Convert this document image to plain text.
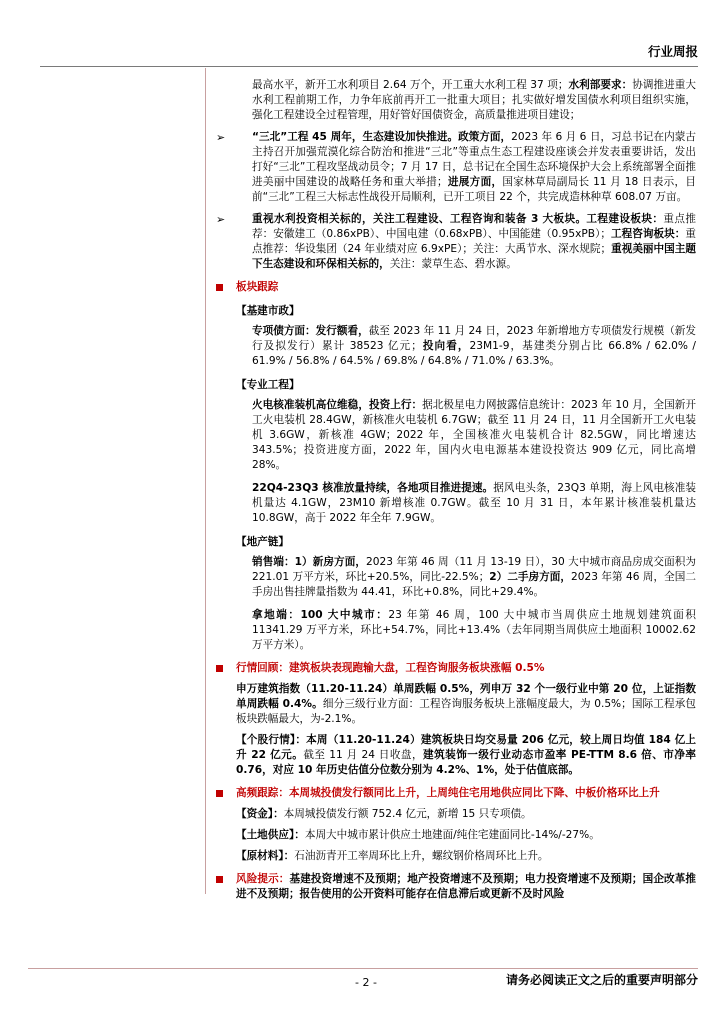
行业周报
最高水平，新开工水利项目 2.64 万个，开工重大水利工程 37 项；水利部要求：协调推进重大水利工程前期工作，力争年底前再开工一批重大项目；扎实做好增发国债水利项目组织实施，强化工程建设全过程管理，用好管好国债资金，高质量推进项目建设；
➢	“三北”工程 45 周年，生态建设加快推进。政策方面，2023 年 6 月 6 日，习总书记在内蒙古主持召开加强荒漠化综合防治和推进“三北”等重点生态工程建设座谈会并发表重要讲话，发出打好“三北”工程攻坚战动员令；7 月 17 日，总书记在全国生态环境保护大会上系统部署全面推进美丽中国建设的战略任务和重大举措；进展方面，国家林草局副局长 11 月 18 日表示，目前“三北”工程三大标志性战役开局顺利，已开工项目 22 个，共完成造林种草 608.07 万亩。
➢	重视水利投资相关标的，关注工程建设、工程咨询和装备 3 大板块。工程建设板块：重点推荐：安徽建工（0.86xPB）、中国电建（0.68xPB）、中国能建（0.95xPB）；工程咨询板块：重点推荐：华设集团（24 年业绩对应 6.9xPE）；关注：大禹节水、深水规院；重视美丽中国主题下生态建设和环保相关标的，关注：蒙草生态、碧水源。
板块跟踪
【基建市政】
专项债方面：发行额看，截至 2023 年 11 月 24 日，2023 年新增地方专项债发行规模（新发行及拟发行）累计 38523 亿元；投向看，23M1-9，基建类分别占比 66.8% / 62.0% / 61.9% / 56.8% / 64.5% / 69.8% / 64.8% / 71.0% / 63.3%。
【专业工程】
火电核准装机高位维稳，投资上行：据北极星电力网披露信息统计：2023 年 10 月，全国新开工火电装机 28.4GW，新核准火电装机 6.7GW；截至 11 月 24 日，11 月全国新开工火电装机 3.6GW，新核准 4GW；2022 年，全国核准火电装机合计 82.5GW，同比增速达 343.5%；投资进度方面，2022 年，国内火电电源基本建设投资达 909 亿元，同比高增 28%。
22Q4-23Q3 核准放量持续，各地项目推进提速。据风电头条，23Q3 单期，海上风电核准装机量达 4.1GW，23M10 新增核准 0.7GW。截至 10 月 31 日，本年累计核准装机量达 10.8GW，高于 2022 年全年 7.9GW。
【地产链】
销售端：1）新房方面，2023 年第 46 周（11 月 13-19 日），30 大中城市商品房成交面积为 221.01 万平方米，环比+20.5%，同比-22.5%；2）二手房方面，2023 年第 46 周，全国二手房出售挂牌量指数为 44.41，环比+0.8%，同比+29.4%。
拿地端：100 大中城市：23 年第 46 周，100 大中城市当周供应土地规划建筑面积 11341.29 万平方米，环比+54.7%，同比+13.4%（去年同期当周供应土地面积 10002.62 万平方米）。
行情回顾：建筑板块表现跑输大盘，工程咨询服务板块涨幅 0.5%
申万建筑指数（11.20-11.24）单周跌幅 0.5%，列申万 32 个一级行业中第 20 位，上证指数单周跌幅 0.4%。细分三级行业方面：工程咨询服务板块上涨幅度最大，为 0.5%；国际工程承包板块跌幅最大，为-2.1%。
【个股行情】：本周（11.20-11.24）建筑板块日均交易量 206 亿元，较上周日均值 184 亿上升 22 亿元。截至 11 月 24 日收盘，建筑装饰一级行业动态市盈率 PE-TTM 8.6 倍、市净率 0.76，对应 10 年历史估值分位数分别为 4.2%、1%，处于估值底部。
高频跟踪：本周城投债发行额同比上升，上周纯住宅用地供应同比下降、中板价格环比上升
【资金】：本周城投债发行额 752.4 亿元，新增 15 只专项债。
【土地供应】：本周大中城市累计供应土地建面/纯住宅建面同比-14%/-27%。
【原材料】：石油沥青开工率周环比上升，螺纹钢价格周环比上升。
风险提示：基建投资增速不及预期；地产投资增速不及预期；电力投资增速不及预期；国企改革推进不及预期；报告使用的公开资料可能存在信息滞后或更新不及时风险
- 2 -	请务必阅读正文之后的重要声明部分
